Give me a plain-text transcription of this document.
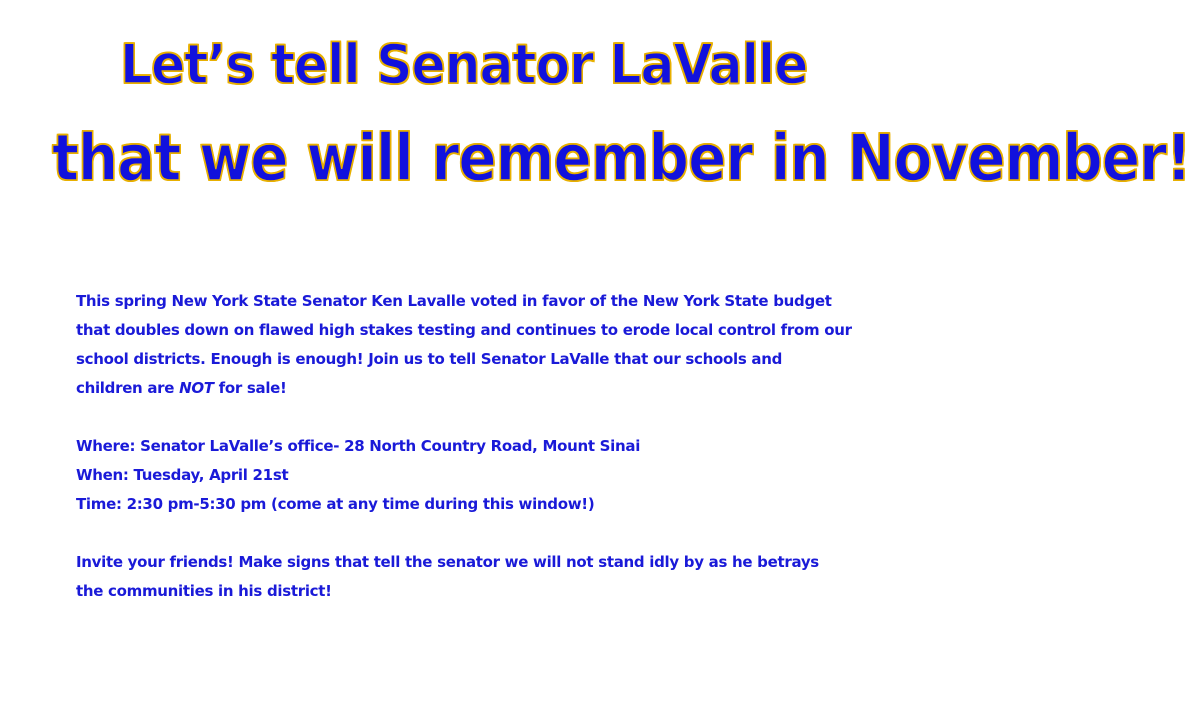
Let’s tell Senator LaValle
that we will remember in November!
This spring New York State Senator Ken Lavalle voted in favor of the New York State budget
that doubles down on flawed high stakes testing and continues to erode local control from our
school districts. Enough is enough! Join us to tell Senator LaValle that our schools and
children are NOT for sale!
Where: Senator LaValle’s office- 28 North Country Road, Mount Sinai
When: Tuesday, April 21st
Time: 2:30 pm-5:30 pm (come at any time during this window!)
Invite your friends! Make signs that tell the senator we will not stand idly by as he betrays
the communities in his district!
